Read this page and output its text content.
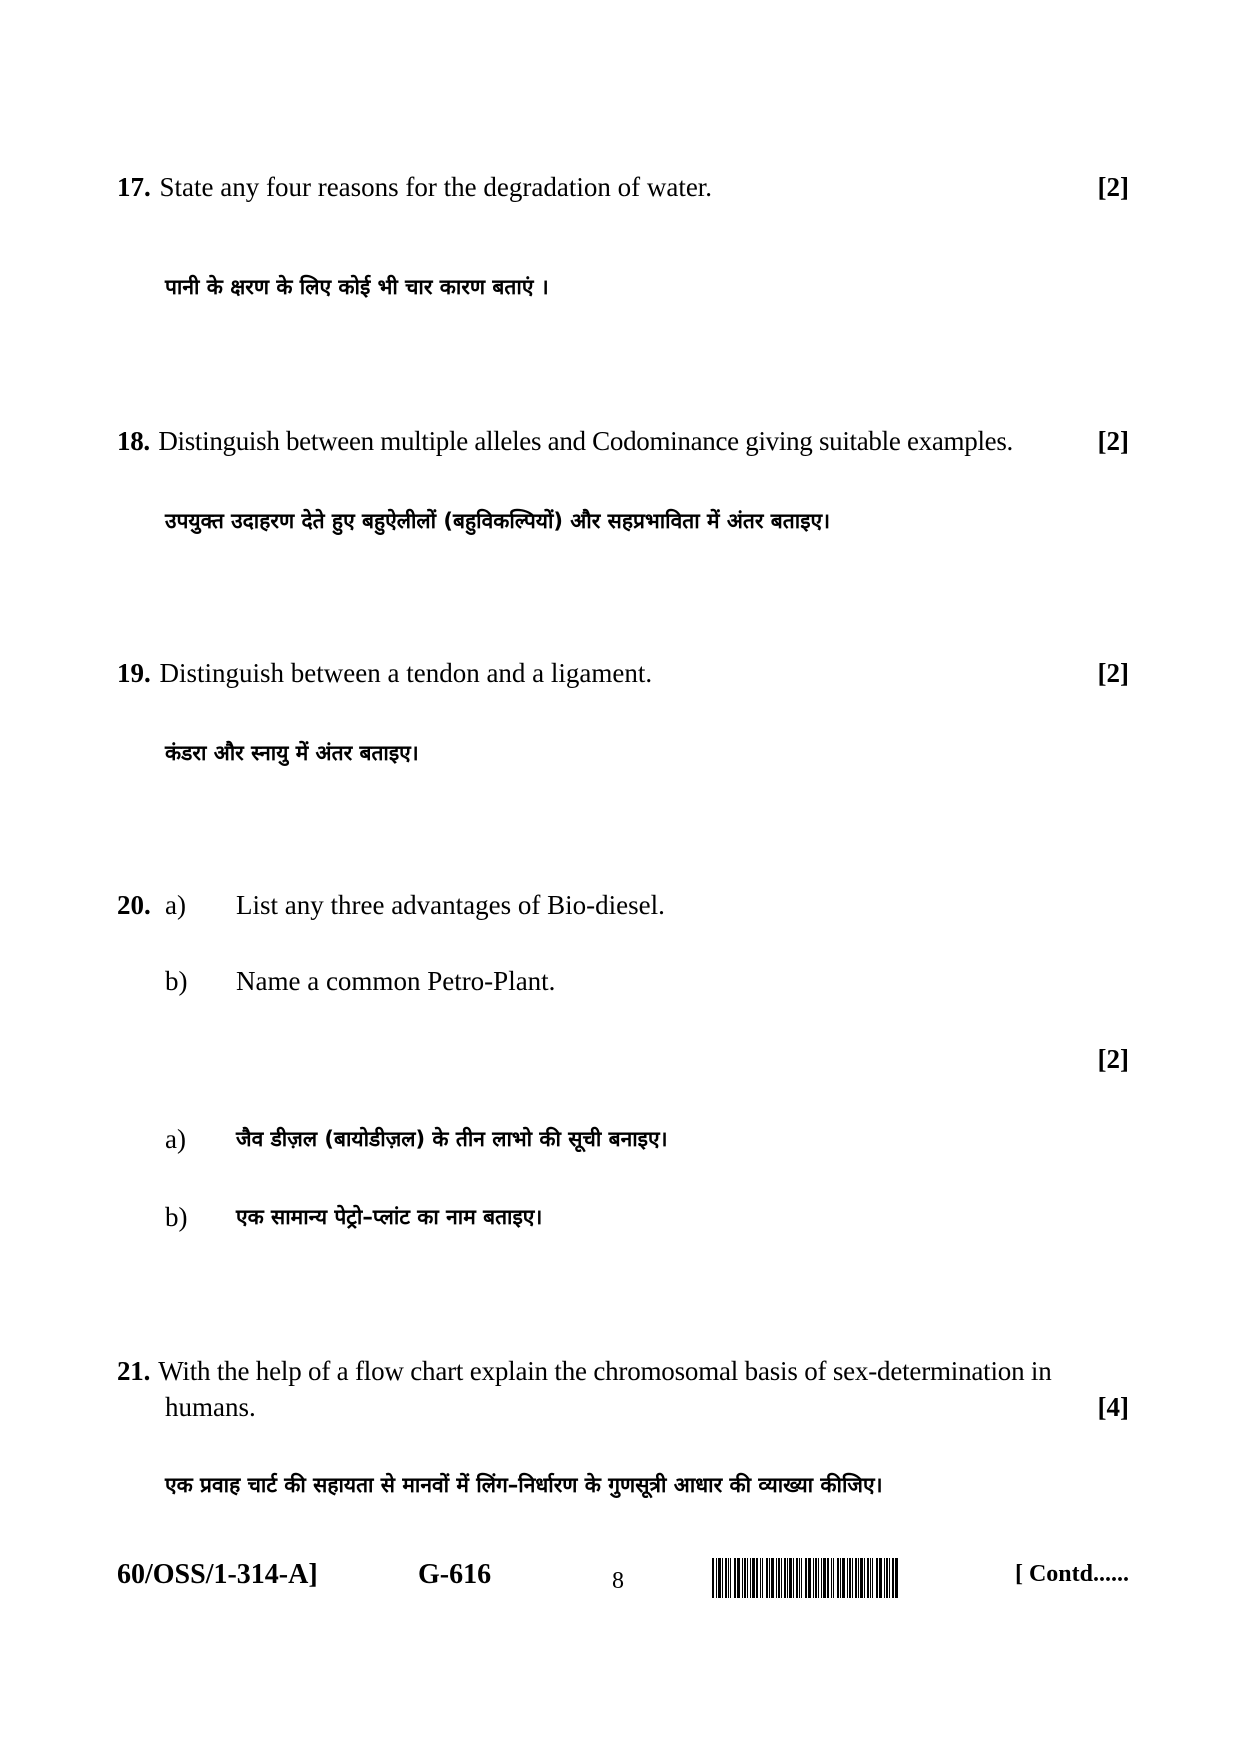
17. State any four reasons for the degradation of water.	[2]
पानी के क्षरण के लिए कोई भी चार कारण बताएं ।
18. Distinguish between multiple alleles and Codominance giving suitable examples.	[2]
उपयुक्त उदाहरण देते हुए बहुऐलीलों (बहुविकल्पियों) और सहप्रभाविता में अंतर बताइए।
19. Distinguish between a tendon and a ligament.	[2]
कंडरा और स्नायु में अंतर बताइए।
20. a) List any three advantages of Bio-diesel.
b) Name a common Petro-Plant.
[2]
a) जैव डीज़ल (बायोडीज़ल) के तीन लाभो की सूची बनाइए।
b) एक सामान्य पेट्रो–प्लांट का नाम बताइए।
21. With the help of a flow chart explain the chromosomal basis of sex-determination in
humans.	[4]
एक प्रवाह चार्ट की सहायता से मानवों में लिंग–निर्धारण के गुणसूत्री आधार की व्याख्या कीजिए।
60/OSS/1-314-A]	G-616	8	[ Contd......
